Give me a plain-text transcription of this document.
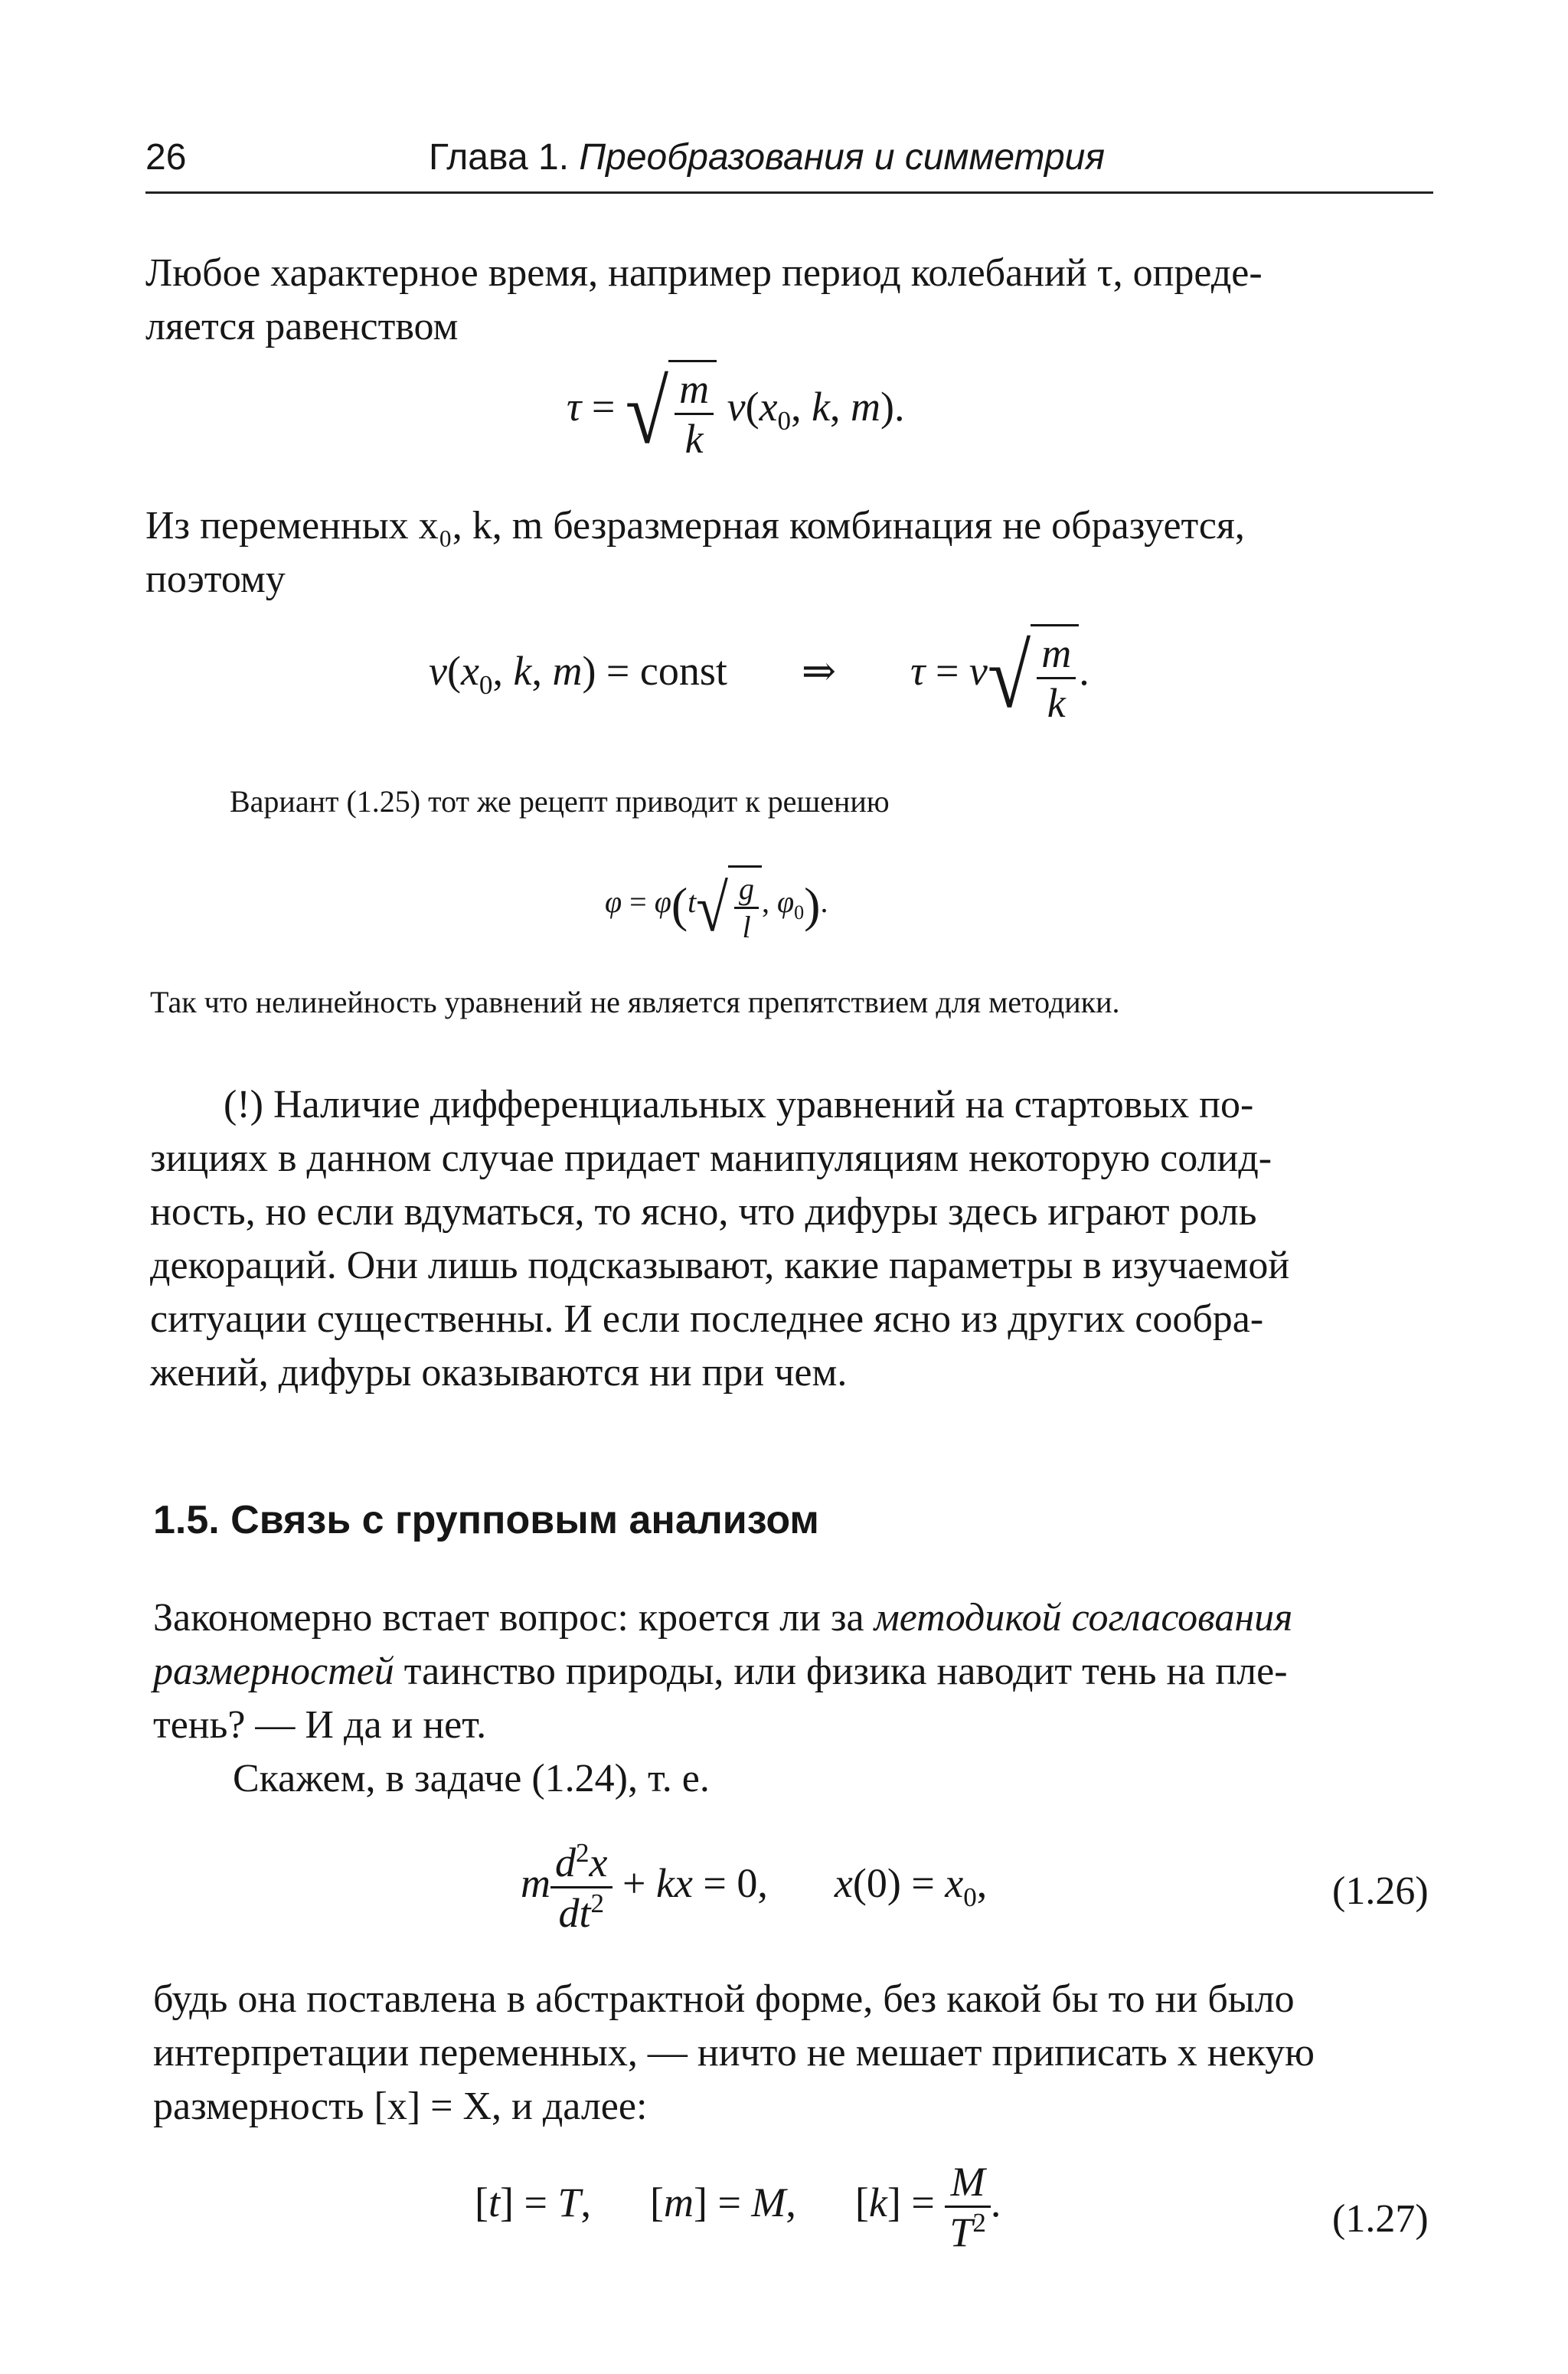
26	Глава 1. Преобразования и симметрия
Любое характерное время, например период колебаний τ, опреде-
ляется равенством
τ = √ $\frac{m}{k} \nu(x_0$, k, m).
Из переменных x₀, k, m безразмерная комбинация не образуется,
поэтому
$\nu(x_0$, k, m) = const ⇒ $\tau = \nu√ \frac{m}{k}$ .
Вариант (1.25) тот же рецепт приводит к решению
$\varphi = \varphi(t√ \frac{g}{l}$ , $\varphi_0$).
Так что нелинейность уравнений не является препятствием для методики.
(!) Наличие дифференциальных уравнений на стартовых по-
зициях в данном случае придает манипуляциям некоторую солид-
ность, но если вдуматься, то ясно, что дифуры здесь играют роль
декораций. Они лишь подсказывают, какие параметры в изучаемой
ситуации существенны. И если последнее ясно из других сообра-
жений, дифуры оказываются ни при чем.
1.5. Связь с групповым анализом
Закономерно встает вопрос: кроется ли за методикой согласования
размерностей таинство природы, или физика наводит тень на пле-
тень? — И да и нет.
Скажем, в задаче (1.24), т. е.
m $\frac{d^2x}{dt^2}$ + kx = 0,  $x(0) = x_0$,	(1.26)
будь она поставлена в абстрактной форме, без какой бы то ни было
интерпретации переменных, — ничто не мешает приписать x некую
размерность [x] = X, и далее:
[t] = T,  [m] = M,  $[k] = \frac{M}{T^2}$ .	(1.27)
